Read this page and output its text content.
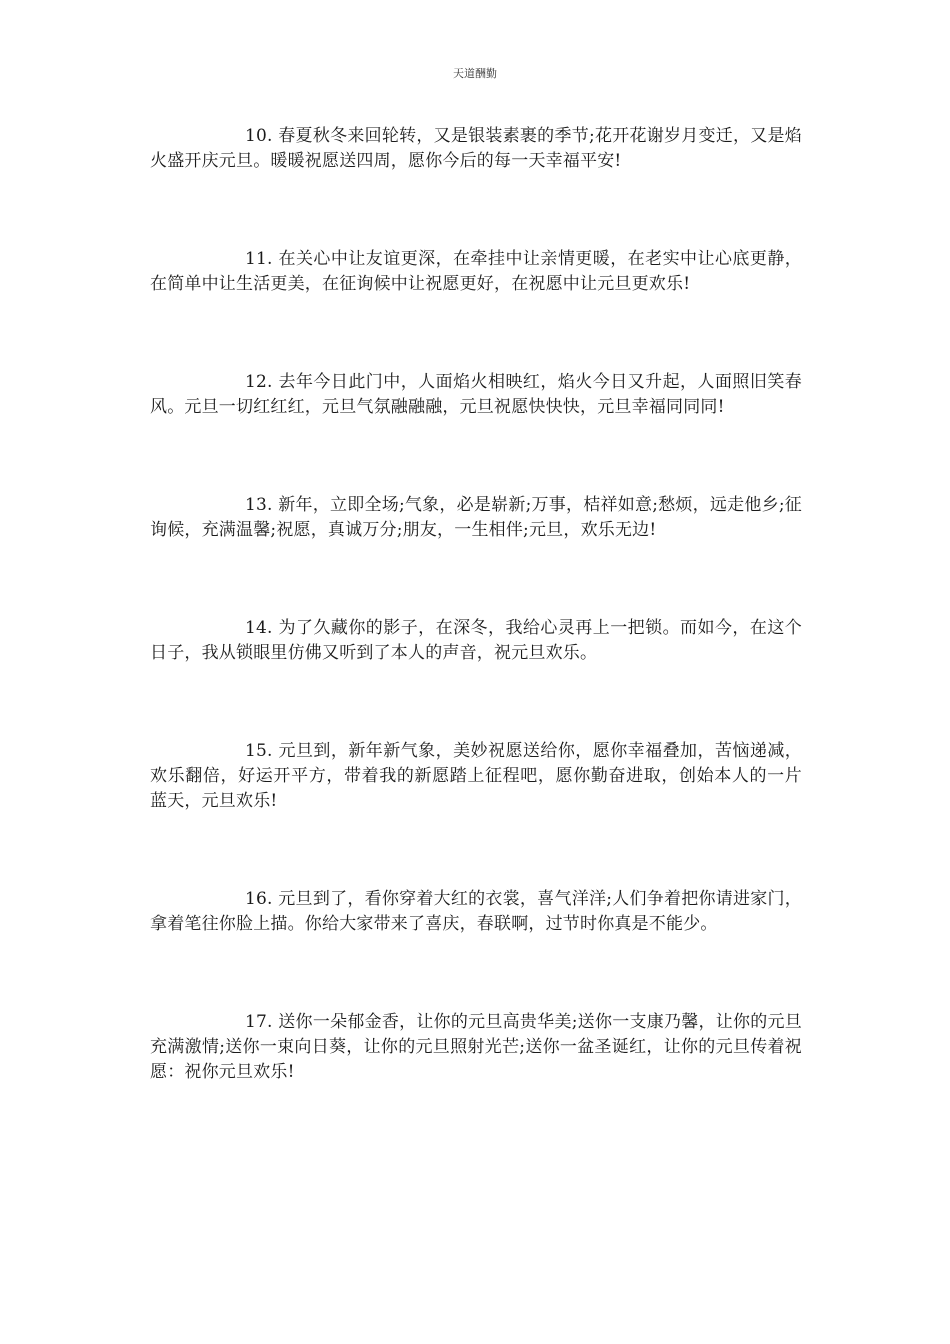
天道酬勤

10. 春夏秋冬来回轮转，又是银装素裹的季节;花开花谢岁月变迁，又是焰火盛开庆元旦。暖暖祝愿送四周，愿你今后的每一天幸福平安!

11. 在关心中让友谊更深，在牵挂中让亲情更暖，在老实中让心底更静，在简单中让生活更美，在征询候中让祝愿更好，在祝愿中让元旦更欢乐!

12. 去年今日此门中，人面焰火相映红，焰火今日又升起，人面照旧笑春风。元旦一切红红红，元旦气氛融融融，元旦祝愿快快快，元旦幸福同同同!

13. 新年，立即全场;气象，必是崭新;万事，桔祥如意;愁烦，远走他乡;征询候，充满温馨;祝愿，真诚万分;朋友，一生相伴;元旦，欢乐无边!

14. 为了久藏你的影子，在深冬，我给心灵再上一把锁。而如今，在这个日子，我从锁眼里仿佛又听到了本人的声音，祝元旦欢乐。

15. 元旦到，新年新气象，美妙祝愿送给你，愿你幸福叠加，苦恼递减，欢乐翻倍，好运开平方，带着我的新愿踏上征程吧，愿你勤奋进取，创始本人的一片蓝天，元旦欢乐!

16. 元旦到了，看你穿着大红的衣裳，喜气洋洋;人们争着把你请进家门，拿着笔往你脸上描。你给大家带来了喜庆，春联啊，过节时你真是不能少。

17. 送你一朵郁金香，让你的元旦高贵华美;送你一支康乃馨，让你的元旦充满激情;送你一束向日葵，让你的元旦照射光芒;送你一盆圣诞红，让你的元旦传着祝愿：祝你元旦欢乐!
